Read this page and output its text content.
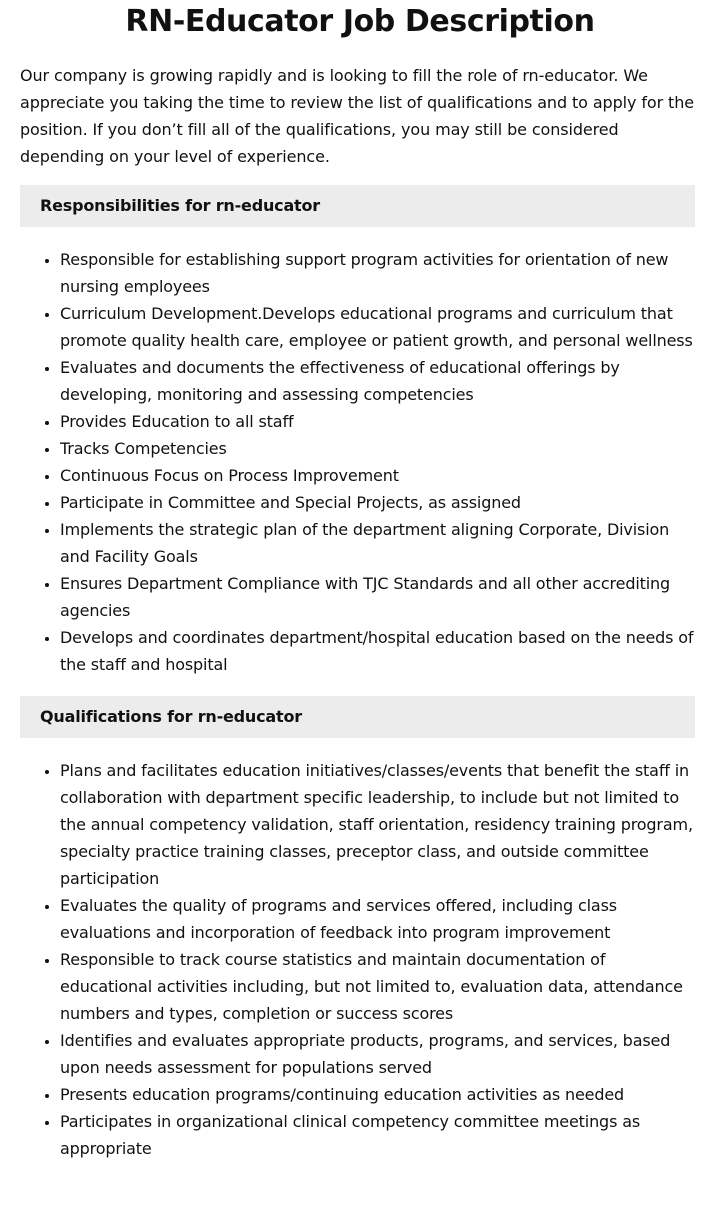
RN-Educator Job Description

Our company is growing rapidly and is looking to fill the role of rn-educator. We appreciate you taking the time to review the list of qualifications and to apply for the position. If you don’t fill all of the qualifications, you may still be considered depending on your level of experience.

Responsibilities for rn-educator
• Responsible for establishing support program activities for orientation of new nursing employees
• Curriculum Development.Develops educational programs and curriculum that promote quality health care, employee or patient growth, and personal wellness
• Evaluates and documents the effectiveness of educational offerings by developing, monitoring and assessing competencies
• Provides Education to all staff
• Tracks Competencies
• Continuous Focus on Process Improvement
• Participate in Committee and Special Projects, as assigned
• Implements the strategic plan of the department aligning Corporate, Division and Facility Goals
• Ensures Department Compliance with TJC Standards and all other accrediting agencies
• Develops and coordinates department/hospital education based on the needs of the staff and hospital
Qualifications for rn-educator
• Plans and facilitates education initiatives/classes/events that benefit the staff in collaboration with department specific leadership, to include but not limited to the annual competency validation, staff orientation, residency training program, specialty practice training classes, preceptor class, and outside committee participation
• Evaluates the quality of programs and services offered, including class evaluations and incorporation of feedback into program improvement
• Responsible to track course statistics and maintain documentation of educational activities including, but not limited to, evaluation data, attendance numbers and types, completion or success scores
• Identifies and evaluates appropriate products, programs, and services, based upon needs assessment for populations served
• Presents education programs/continuing education activities as needed
• Participates in organizational clinical competency committee meetings as appropriate
